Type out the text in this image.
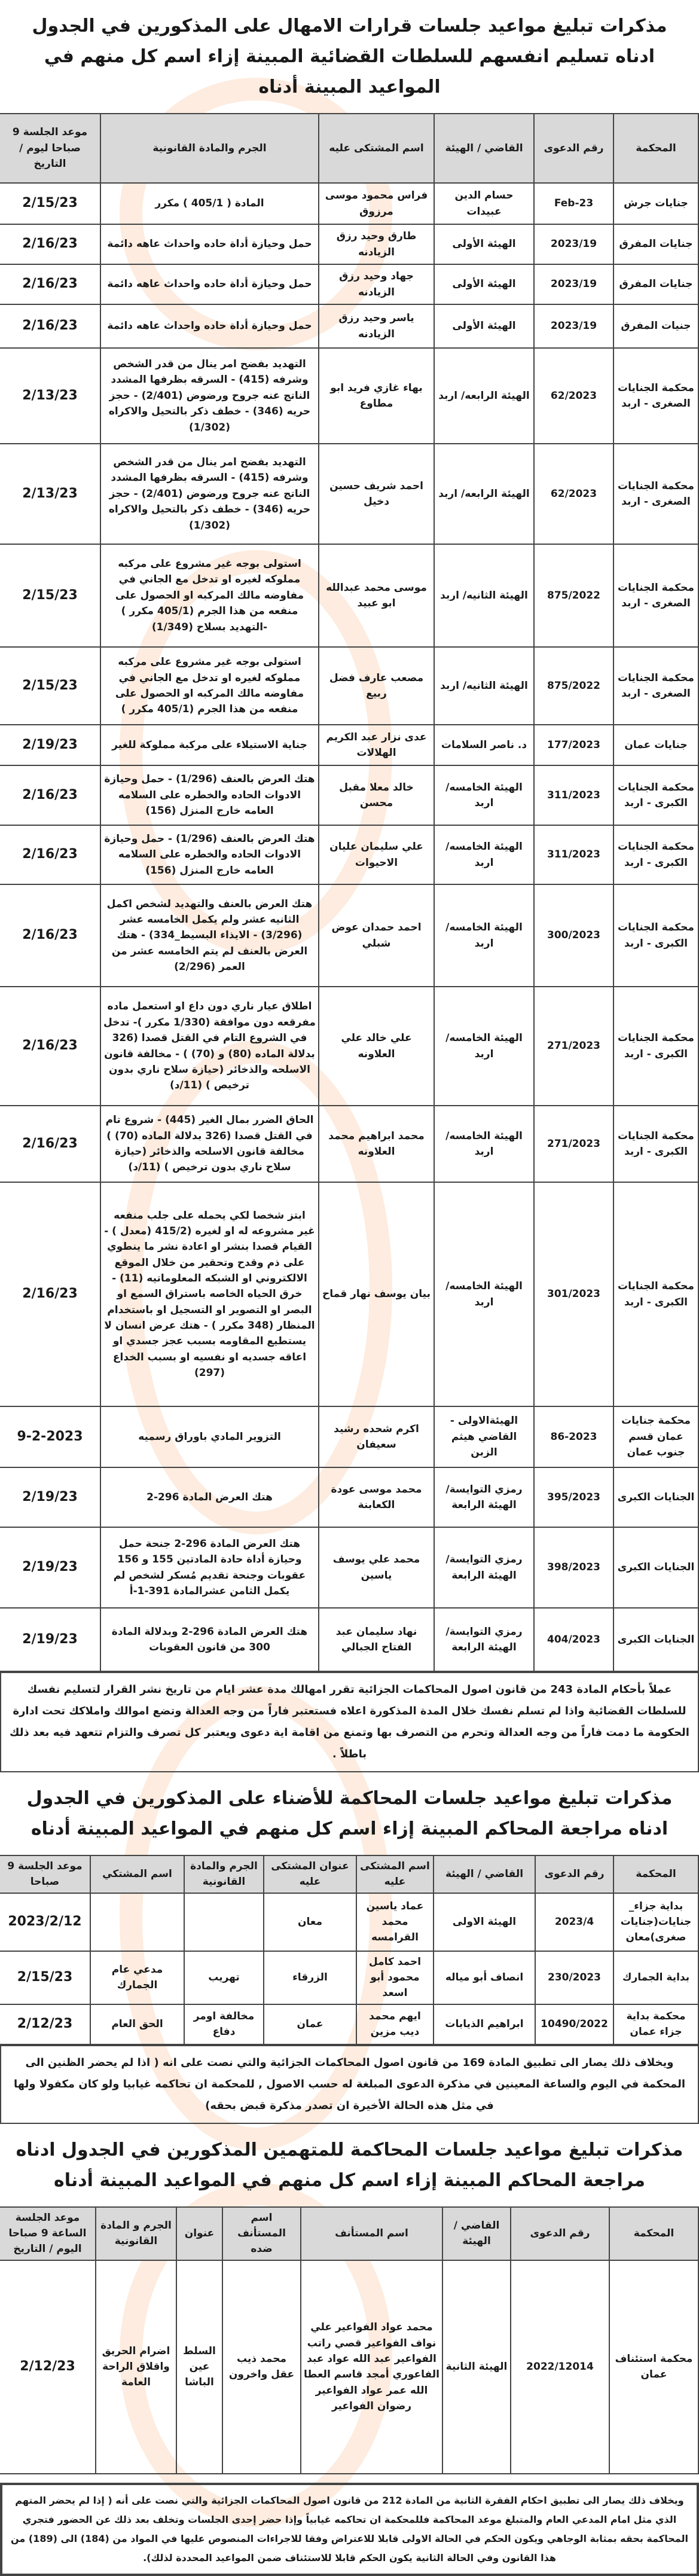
مذكرات تبليغ مواعيد جلسات قرارات الامهال على المذكورين في الجدول ادناه تسليم انفسهم للسلطات القضائية المبينة إزاء اسم كل منهم في المواعيد المبينة أدناه
المحكمة	رقم الدعوى	القاضي / الهيئة	اسم المشتكى عليه	الجرم والمادة القانونية	موعد الجلسة 9 صباحا ليوم / التاريخ
جنايات جرش	Feb-23	حسام الدين عبيدات	فراس محمود موسى مرزوق	المادة ( 405/1 ) مكرر	2/15/23
جنايات المفرق	2023/19	الهيئة الأولى	طارق وحيد رزق الزيادنه	حمل وحيازة أداة حاده واحداث عاهه دائمة	2/16/23
جنايات المفرق	2023/19	الهيئة الأولى	جهاد وحيد رزق الزيادنه	حمل وحيازة أداة حاده واحداث عاهه دائمة	2/16/23
جنيات المفرق	2023/19	الهيئة الأولى	ياسر وحيد رزق الزيادنه	حمل وحيازة أداة حاده واحداث عاهه دائمة	2/16/23
محكمة الجنايات الصغرى - اربد	62/2023	الهيئة الرابعه/ اربد	بهاء غازي فريد ابو مطاوع	التهديد بفضح امر ينال من قدر الشخص وشرفه (415) - السرقه بظرفها المشدد الناتج عنه جروح ورضوض (2/401) - حجز حريه (346) - خطف ذكر بالتحيل والاكراه (1/302)	2/13/23
محكمة الجنايات الصغرى - اربد	62/2023	الهيئة الرابعه/ اربد	احمد شريف حسين دخيل	التهديد بفضح امر ينال من قدر الشخص وشرفه (415) - السرقه بظرفها المشدد الناتج عنه جروح ورضوض (2/401) - حجز حريه (346) - خطف ذكر بالتحيل والاكراه (1/302)	2/13/23
محكمة الجنايات الصغرى - اربد	875/2022	الهيئة الثانيه/ اربد	موسى محمد عبدالله ابو عبيد	استولى بوجه غير مشروع على مركبه مملوكه لغيره او تدخل مع الجاني في مفاوضه مالك المركبه او الحصول على منفعه من هذا الجرم (405/1 مكرر ) -التهديد بسلاح (1/349)	2/15/23
محكمة الجنايات الصغرى - اربد	875/2022	الهيئة الثانيه/ اربد	مصعب عارف فضل ربيع	استولى بوجه غير مشروع على مركبه مملوكه لغيره او تدخل مع الجاني في مفاوضه مالك المركبه او الحصول على منفعه من هذا الجرم (405/1 مكرر )	2/15/23
جنايات عمان	177/2023	د. ناصر السلامات	عدى نزار عبد الكريم الهلالات	جناية الاستيلاء على مركبة مملوكة للغير	2/19/23
محكمة الجنايات الكبرى - اربد	311/2023	الهيئة الخامسه/ اربد	خالد معلا مقبل محسن	هتك العرض بالعنف (1/296) - حمل وحيازة الادوات الحاده والخطره على السلامه العامه خارج المنزل (156)	2/16/23
محكمة الجنايات الكبرى - اربد	311/2023	الهيئة الخامسه/ اربد	علي سليمان عليان الاحيوات	هتك العرض بالعنف (1/296) - حمل وحيازة الادوات الحاده والخطره على السلامه العامه خارج المنزل (156)	2/16/23
محكمة الجنايات الكبرى - اربد	300/2023	الهيئة الخامسه/ اربد	احمد حمدان عوض شبلي	هتك العرض بالعنف والتهديد لشخص اكمل الثانيه عشر ولم يكمل الخامسه عشر (3/296) - الايذاء البسيط_334) - هتك العرض بالعنف لم يتم الخامسه عشر من العمر (2/296)	2/16/23
محكمة الجنايات الكبرى - اربد	271/2023	الهيئة الخامسه/ اربد	علي خالد علي العلاونه	اطلاق عيار ناري دون داع او استعمل ماده مفرقعه دون موافقة (1/330 مكرر )- تدخل في الشروع التام في القتل قصدا (326 بدلالة الماده (80) و (70) ) - مخالفة قانون الاسلحه والذخائر (حيازة سلاح ناري بدون ترخيص ) (11/د)	2/16/23
محكمة الجنايات الكبرى - اربد	271/2023	الهيئة الخامسه/ اربد	محمد ابراهيم محمد العلاونه	الحاق الضرر بمال الغير (445) - شروع تام في القتل قصدا (326 بدلالة الماده (70) ) مخالفة قانون الاسلحه والذخائر (حيازة سلاح ناري بدون ترخيص ) (11/د)	2/16/23
محكمة الجنايات الكبرى - اربد	301/2023	الهيئة الخامسه/ اربد	بيان يوسف نهار قماح	ابتز شخصا لكي يحمله على جلب منفعه غير مشروعه له او لغيره (415/2 (معدل ) - القيام قصدا بنشر او اعادة نشر ما ينطوي على ذم وقدح وتحقير من خلال الموقع الالكتروني او الشبكه المعلوماتيه (11) - خرق الحياه الخاصه باستراق السمع او البصر او التصوير او التسجيل او باستخدام المنظار (348 مكرر ) - هتك عرض انسان لا يستطيع المقاومه بسبب عجز جسدي او اعاقه جسديه او نفسيه او بسبب الخداع (297)	2/16/23
محكمة جنايات عمان قسم جنوب عمان	86-2023	الهيئةالاولى - القاضي هيثم الزبن	اكرم شحده رشيد سعيفان	التزوير المادي باوراق رسميه	9-2-2023
الجنايات الكبرى	395/2023	رمزي التوايسة/الهيئة الرابعة	محمد موسى عودة الكعابنة	هتك العرض المادة 296-2	2/19/23
الجنايات الكبرى	398/2023	رمزي التوايسة/الهيئة الرابعة	محمد علي يوسف ياسين	هتك العرض المادة 296-2 جنحة حمل وحيازة أداة حادة المادتين 155 و 156 عقوبات وجنحة تقديم مُسكر لشخص لم يكمل الثامن عشرالمادة 391-1-أ	2/19/23
الجنايات الكبرى	404/2023	رمزي التوايسة/الهيئة الرابعة	نهاد سليمان عبد الفتاح الجبالي	هتك العرض المادة 296-2 وبدلالة المادة 300 من قانون العقوبات	2/19/23
عملاً بأحكام المادة 243 من قانون اصول المحاكمات الجزائية تقرر امهالك مدة عشر ايام من تاريخ نشر القرار لتسليم نفسك للسلطات القضائية واذا لم تسلم نفسك خلال المدة المذكورة اعلاه فستعتبر فاراً من وجه العدالة وتضع اموالك واملاكك تحت ادارة الحكومة ما دمت فاراً من وجه العدالة وتحرم من التصرف بها وتمنع من اقامة اية دعوى ويعتبر كل تصرف والتزام تتعهد فيه بعد ذلك باطلاً .
مذكرات تبليغ مواعيد جلسات المحاكمة للأضناء على المذكورين في الجدول ادناه مراجعة المحاكم المبينة إزاء اسم كل منهم في المواعيد المبينة أدناه
المحكمة	رقم الدعوى	القاضي / الهيئة	اسم المشتكى عليه	عنوان المشتكى عليه	الجرم والمادة القانونية	اسم المشتكي	موعد الجلسة 9 صباحا
بداية جزاء_ جنايات(جنايات صغرى)معان	2023/4	الهيئة الاولى	عماد ياسين محمد القرامسه	معان			2023/2/12
بداية الجمارك	230/2023	انصاف أبو مياله	احمد كامل محمود أبو اسعد	الزرقاء	تهريب	مدعي عام الجمارك	2/15/23
محكمة بداية جزاء عمان	10490/2022	ابراهيم الذيابات	ايهم محمد ديب مزين	عمان	مخالفة اومر دفاع	الحق العام	2/12/23
ويخلاف ذلك يصار الى تطبيق المادة 169 من قانون اصول المحاكمات الجزائية والتي نصت على انه ( اذا لم يحضر الظنين الى المحكمة في اليوم والساعة المعينين في مذكرة الدعوى المبلغة له حسب الاصول , للمحكمة ان تحاكمه غيابيا ولو كان مكفولا ولها في مثل هذه الحالة الأخيرة ان تصدر مذكرة قبض بحقه)
مذكرات تبليغ مواعيد جلسات المحاكمة للمتهمين المذكورين في الجدول ادناه مراجعة المحاكم المبينة إزاء اسم كل منهم في المواعيد المبينة أدناه
المحكمة	رقم الدعوى	القاضي / الهيئة	اسم المستأنف	اسم المستأنف ضده	عنوان	الجرم و المادة القانونية	موعد الجلسة الساعة 9 صباحا اليوم / التاريخ
محكمة استئناف عمان	2022/12014	الهيئة الثانية	محمد عواد الفواعير علي نواف الفواعير قصي راتب الفواعير عبد الله عواد عبد الفاعوري أمجد قاسم العطا الله عمر عواد الفواعير رضوان الفواعير	محمد ذيب عقل واخرون	السلط عين الباشا	اضرام الحريق واقلاق الراحة العامة	2/12/23
ويخلاف ذلك يصار الى تطبيق احكام الفقرة الثانية من المادة 212 من قانون اصول المحاكمات الجزائية والتي نصت على أنه ( إذا لم يحضر المتهم الذي مثل امام المدعي العام والمتبلغ موعد المحاكمة فللمحكمة ان تحاكمه غيابياً وإذا حضر إحدى الجلسات وتخلف بعد ذلك عن الحضور فتجري المحاكمة بحقه بمثابة الوجاهي ويكون الحكم في الحالة الاولى قابلا للاعتراض وفقا للاجراءات المنصوص عليها في المواد من (184) الى (189) من هذا القانون وفي الحالة الثانية يكون الحكم قابلا للاستئناف ضمن المواعيد المحددة لذلك).
